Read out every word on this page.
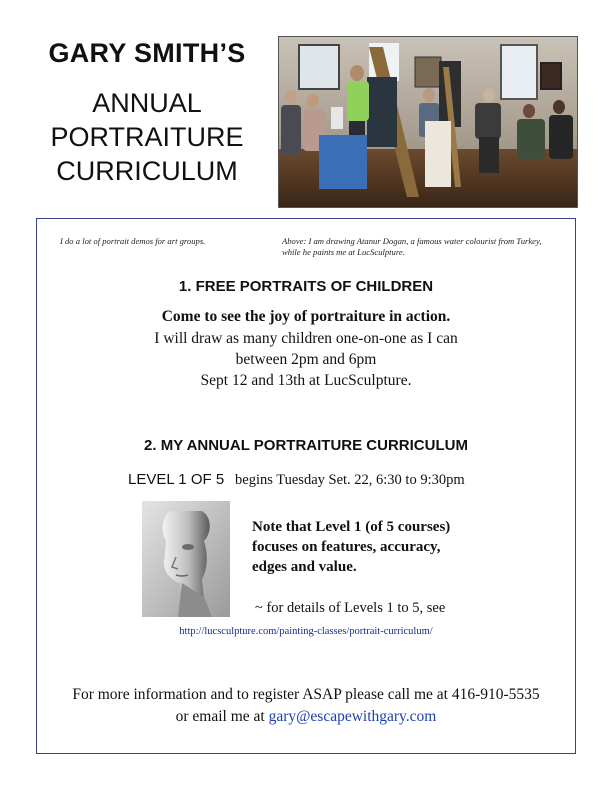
GARY SMITH’S
ANNUAL
PORTRAITURE
CURRICULUM
I do a lot of portrait demos for art groups.	Above: I am drawing Atanur Dogan, a famous water colourist from Turkey, while he paints me at LucSculpture.
1. FREE PORTRAITS OF CHILDREN
Come to see the joy of portraiture in action.
I will draw as many children one-on-one as I can
between 2pm and 6pm
Sept 12 and 13th at LucSculpture.
2. MY ANNUAL PORTRAITURE CURRICULUM
LEVEL 1 OF 5 begins Tuesday Set. 22, 6:30 to 9:30pm
Note that Level 1 (of 5 courses)
focuses on features, accuracy,
edges and value.
~ for details of Levels 1 to 5, see
http://lucsculpture.com/painting-classes/portrait-curriculum/
For more information and to register ASAP please call me at 416-910-5535
or email me at gary@escapewithgary.com
